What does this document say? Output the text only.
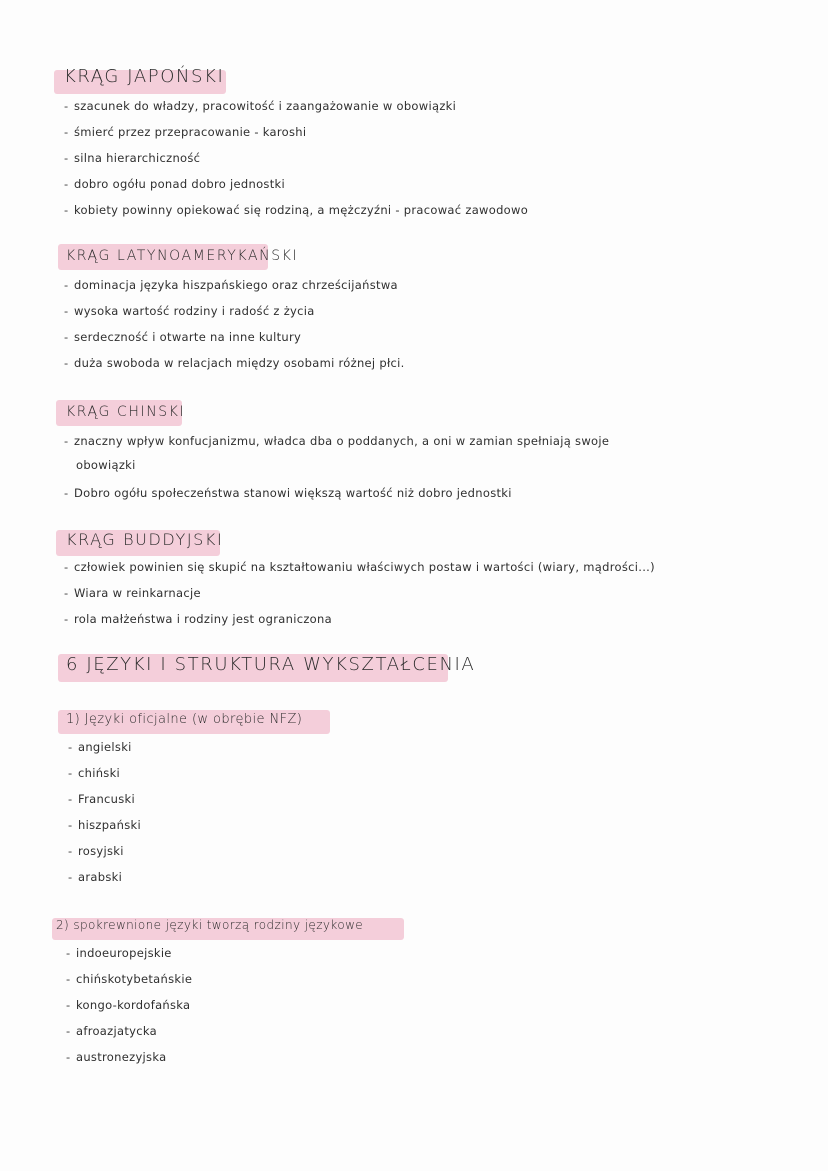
KRĄG JAPOŃSKI
- szacunek do władzy, pracowitość i zaangażowanie w obowiązki
- śmierć przez przepracowanie - karoshi
- silna hierarchiczność
- dobro ogółu ponad dobro jednostki
- kobiety powinny opiekować się rodziną, a mężczyźni - pracować zawodowo
KRĄG LATYNOAMERYKAŃSKI
- dominacja języka hiszpańskiego oraz chrześcijaństwa
- wysoka wartość rodziny i radość z życia
- serdeczność i otwarte na inne kultury
- duża swoboda w relacjach między osobami różnej płci.
KRĄG CHINSKI
- znaczny wpływ konfucjanizmu, władca dba o poddanych, a oni w zamian spełniają swoje
- Dobro ogółu społeczeństwa stanowi większą wartość niż dobro jednostki
obowiązki
KRĄG BUDDYJSKI
- człowiek powinien się skupić na kształtowaniu właściwych postaw i wartości (wiary, mądrości...)
- Wiara w reinkarnacje
- rola małżeństwa i rodziny jest ograniczona
6 JĘZYKI I STRUKTURA WYKSZTAŁCENIA
1) Języki oficjalne (w obrębie NFZ)
- angielski
- chiński
- Francuski
- hiszpański
- rosyjski
- arabski
2) spokrewnione języki tworzą rodziny językowe
- indoeuropejskie
- chińskotybetańskie
- kongo-kordofańska
- afroazjatycka
- austronezyjska
